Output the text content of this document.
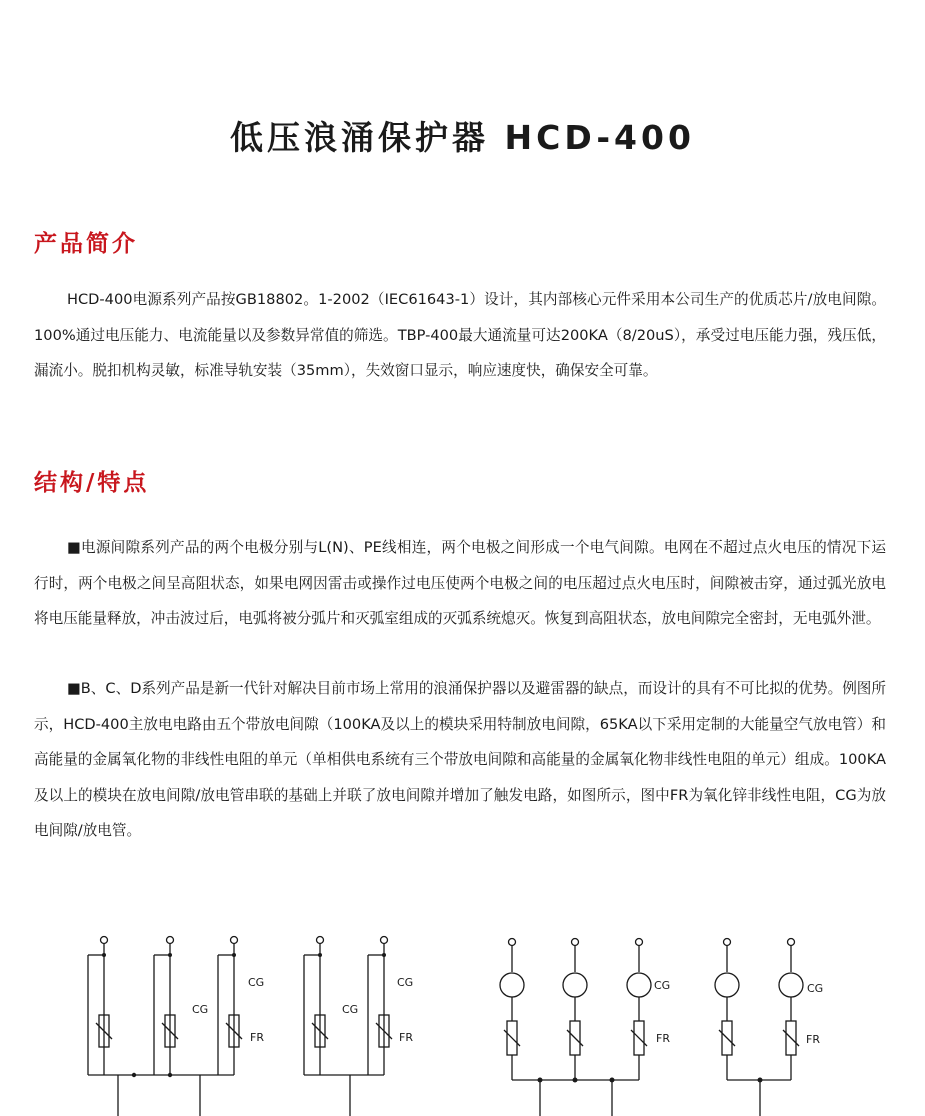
低压浪涌保护器 HCD-400
产品简介

HCD-400电源系列产品按GB18802。1-2002（IEC61643-1）设计，其内部核心元件采用本公司生产的优质芯片/放电间隙。100%通过电压能力、电流能量以及参数异常值的筛选。TBP-400最大通流量可达200KA（8/20uS），承受过电压能力强，残压低，漏流小。脱扣机构灵敏，标准导轨安装（35mm），失效窗口显示，响应速度快，确保安全可靠。

结构/特点

■电源间隙系列产品的两个电极分别与L(N)、PE线相连，两个电极之间形成一个电气间隙。电网在不超过点火电压的情况下运行时，两个电极之间呈高阻状态，如果电网因雷击或操作过电压使两个电极之间的电压超过点火电压时，间隙被击穿，通过弧光放电将电压能量释放，冲击波过后，电弧将被分弧片和灭弧室组成的灭弧系统熄灭。恢复到高阻状态，放电间隙完全密封，无电弧外泄。

■B、C、D系列产品是新一代针对解决目前市场上常用的浪涌保护器以及避雷器的缺点，而设计的具有不可比拟的优势。例图所示，HCD-400主放电电路由五个带放电间隙（100KA及以上的模块采用特制放电间隙，65KA以下采用定制的大能量空气放电管）和高能量的金属氧化物的非线性电阻的单元（单相供电系统有三个带放电间隙和高能量的金属氧化物非线性电阻的单元）组成。100KA及以上的模块在放电间隙/放电管串联的基础上并联了放电间隙并增加了触发电路，如图所示，图中FR为氧化锌非线性电阻，CG为放电间隙/放电管。

CG
CG
FR
CG
CG
FR
CG
FR
CG
FR
